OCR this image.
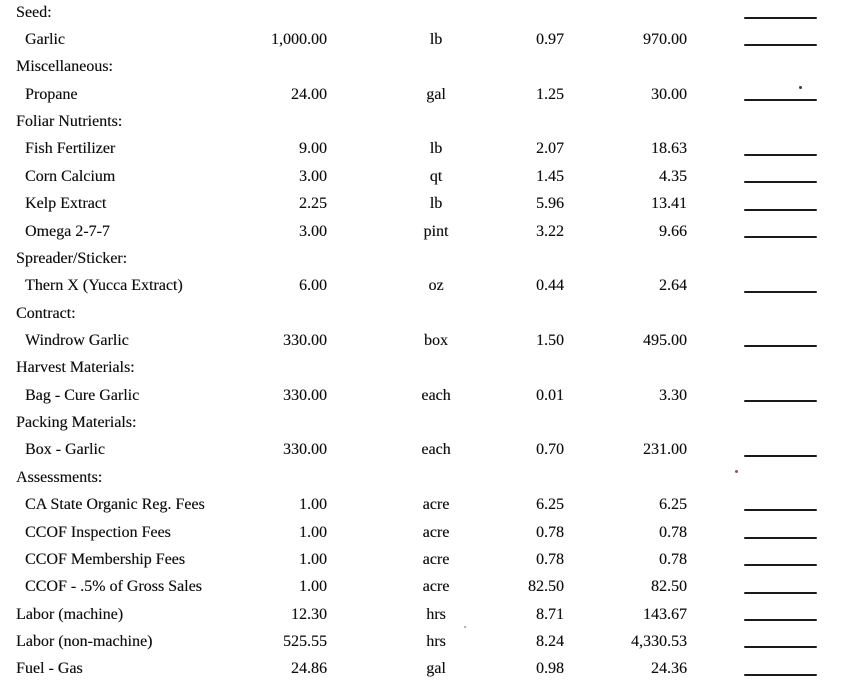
Seed:
Garlic	1,000.00	lb	0.97	970.00
Miscellaneous:
Propane	24.00	gal	1.25	30.00
Foliar Nutrients:
Fish Fertilizer	9.00	lb	2.07	18.63
Corn Calcium	3.00	qt	1.45	4.35
Kelp Extract	2.25	lb	5.96	13.41
Omega 2-7-7	3.00	pint	3.22	9.66
Spreader/Sticker:
Thern X (Yucca Extract)	6.00	oz	0.44	2.64
Contract:
Windrow Garlic	330.00	box	1.50	495.00
Harvest Materials:
Bag - Cure Garlic	330.00	each	0.01	3.30
Packing Materials:
Box - Garlic	330.00	each	0.70	231.00
Assessments:
CA State Organic Reg. Fees	1.00	acre	6.25	6.25
CCOF Inspection Fees	1.00	acre	0.78	0.78
CCOF Membership Fees	1.00	acre	0.78	0.78
CCOF - .5% of Gross Sales	1.00	acre	82.50	82.50
Labor (machine)	12.30	hrs	8.71	143.67
Labor (non-machine)	525.55	hrs	8.24	4,330.53
Fuel - Gas	24.86	gal	0.98	24.36
